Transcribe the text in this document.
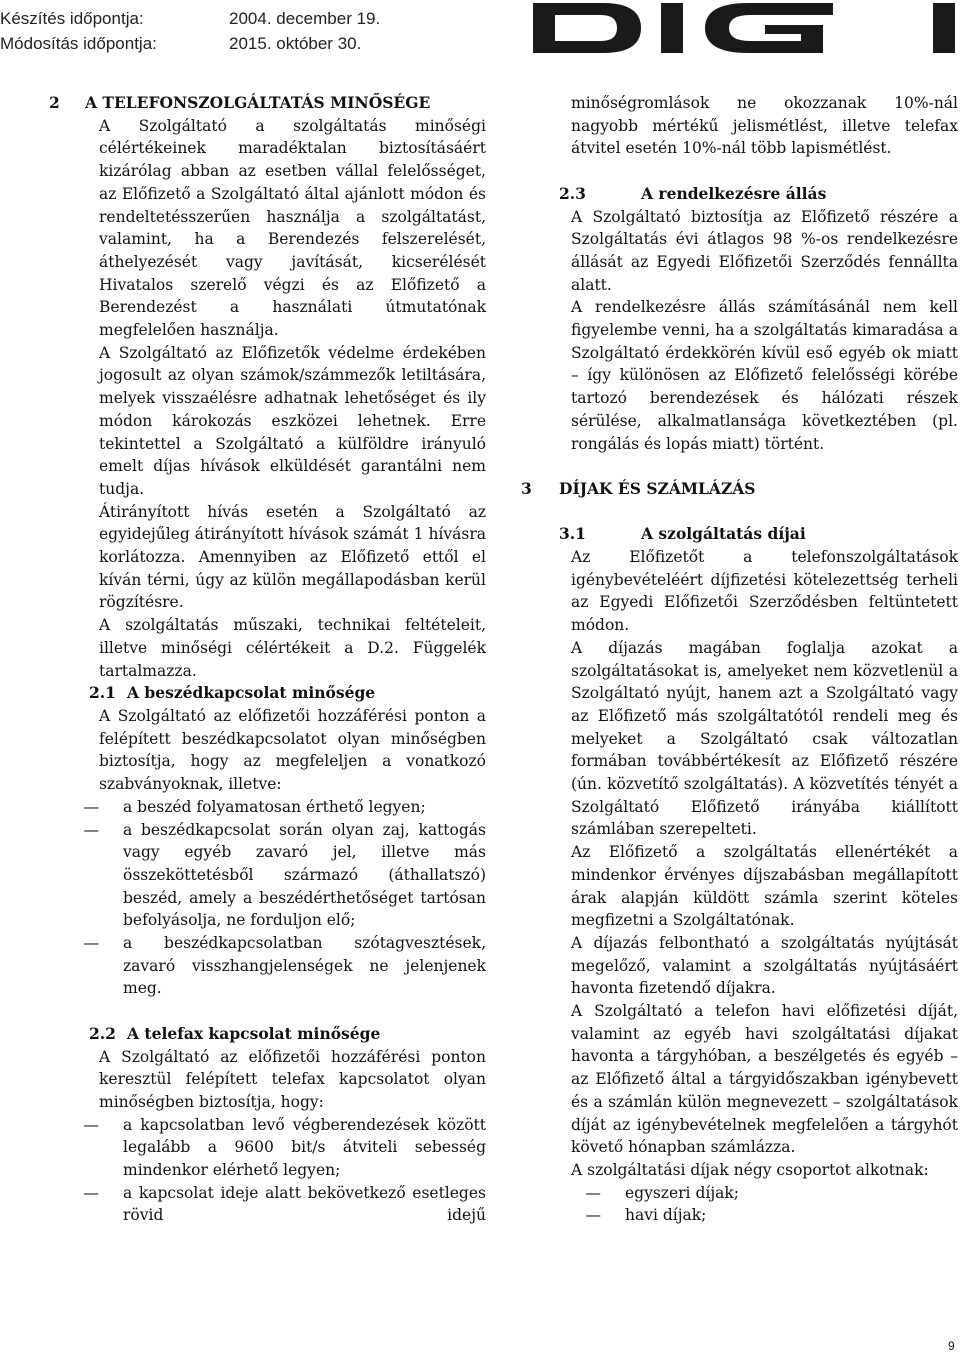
Készítés időpontja:	2004. december 19.
Módosítás időpontja:	2015. október 30.
2	A TELEFONSZOLGÁLTATÁS MINŐSÉGE

A Szolgáltató a szolgáltatás minőségi célértékeinek maradéktalan biztosításáért kizárólag abban az esetben vállal felelősséget, az Előfizető a Szolgáltató által ajánlott módon és rendeltetésszerűen használja a szolgáltatást, valamint, ha a Berendezés felszerelését, áthelyezését vagy javítását, kicserélését Hivatalos szerelő végzi és az Előfizető a Berendezést a használati útmutatónak megfelelően használja.

A Szolgáltató az Előfizetők védelme érdekében jogosult az olyan számok/számmezők letiltására, melyek visszaélésre adhatnak lehetőséget és ily módon károkozás eszközei lehetnek. Erre tekintettel a Szolgáltató a külföldre irányuló emelt díjas hívások elküldését garantálni nem tudja.

Átirányított hívás esetén a Szolgáltató az egyidejűleg átirányított hívások számát 1 hívásra korlátozza. Amennyiben az Előfizető ettől el kíván térni, úgy az külön megállapodásban kerül rögzítésre.

A szolgáltatás műszaki, technikai feltételeit, illetve minőségi célértékeit a D.2. Függelék tartalmazza.

2.1 A beszédkapcsolat minősége

A Szolgáltató az előfizetői hozzáférési ponton a felépített beszédkapcsolatot olyan minőségben biztosítja, hogy az megfeleljen a vonatkozó szabványoknak, illetve:

—	a beszéd folyamatosan érthető legyen;
—	a beszédkapcsolat során olyan zaj, kattogás vagy egyéb zavaró jel, illetve más összeköttetésből származó (áthallatszó) beszéd, amely a beszédérthetőséget tartósan befolyásolja, ne forduljon elő;
—	a beszédkapcsolatban szótagvesztések, zavaró visszhangjelenségek ne jelenjenek meg.
2.2 A telefax kapcsolat minősége

A Szolgáltató az előfizetői hozzáférési ponton keresztül felépített telefax kapcsolatot olyan minőségben biztosítja, hogy:

—	a kapcsolatban levő végberendezések között legalább a 9600 bit/s átviteli sebesség mindenkor elérhető legyen;
—	a kapcsolat ideje alatt bekövetkező esetleges rövid idejű

minőségromlások ne okozzanak 10%-nál nagyobb mértékű jelismétlést, illetve telefax átvitel esetén 10%-nál több lapismétlést.

2.3	A rendelkezésre állás

A Szolgáltató biztosítja az Előfizető részére a Szolgáltatás évi átlagos 98 %-os rendelkezésre állását az Egyedi Előfizetői Szerződés fennállta alatt.

A rendelkezésre állás számításánál nem kell figyelembe venni, ha a szolgáltatás kimaradása a Szolgáltató érdekkörén kívül eső egyéb ok miatt – így különösen az Előfizető felelősségi körébe tartozó berendezések és hálózati részek sérülése, alkalmatlansága következtében (pl. rongálás és lopás miatt) történt.

3	DÍJAK ÉS SZÁMLÁZÁS
3.1	A szolgáltatás díjai

Az Előfizetőt a telefonszolgáltatások igénybevételéért díjfizetési kötelezettség terheli az Egyedi Előfizetői Szerződésben feltüntetett módon.

A díjazás magában foglalja azokat a szolgáltatásokat is, amelyeket nem közvetlenül a Szolgáltató nyújt, hanem azt a Szolgáltató vagy az Előfizető más szolgáltatótól rendeli meg és melyeket a Szolgáltató csak változatlan formában továbbértékesít az Előfizető részére (ún. közvetítő szolgáltatás). A közvetítés tényét a Szolgáltató Előfizető irányába kiállított számlában szerepelteti.

Az Előfizető a szolgáltatás ellenértékét a mindenkor érvényes díjszabásban megállapított árak alapján küldött számla szerint köteles megfizetni a Szolgáltatónak.

A díjazás felbontható a szolgáltatás nyújtását megelőző, valamint a szolgáltatás nyújtásáért havonta fizetendő díjakra.

A Szolgáltató a telefon havi előfizetési díját, valamint az egyéb havi szolgáltatási díjakat havonta a tárgyhóban, a beszélgetés és egyéb – az Előfizető által a tárgyidőszakban igénybevett és a számlán külön megnevezett – szolgáltatások díját az igénybevételnek megfelelően a tárgyhót követő hónapban számlázza.

A szolgáltatási díjak négy csoportot alkotnak:

—	egyszeri díjak;
—	havi díjak;
9
